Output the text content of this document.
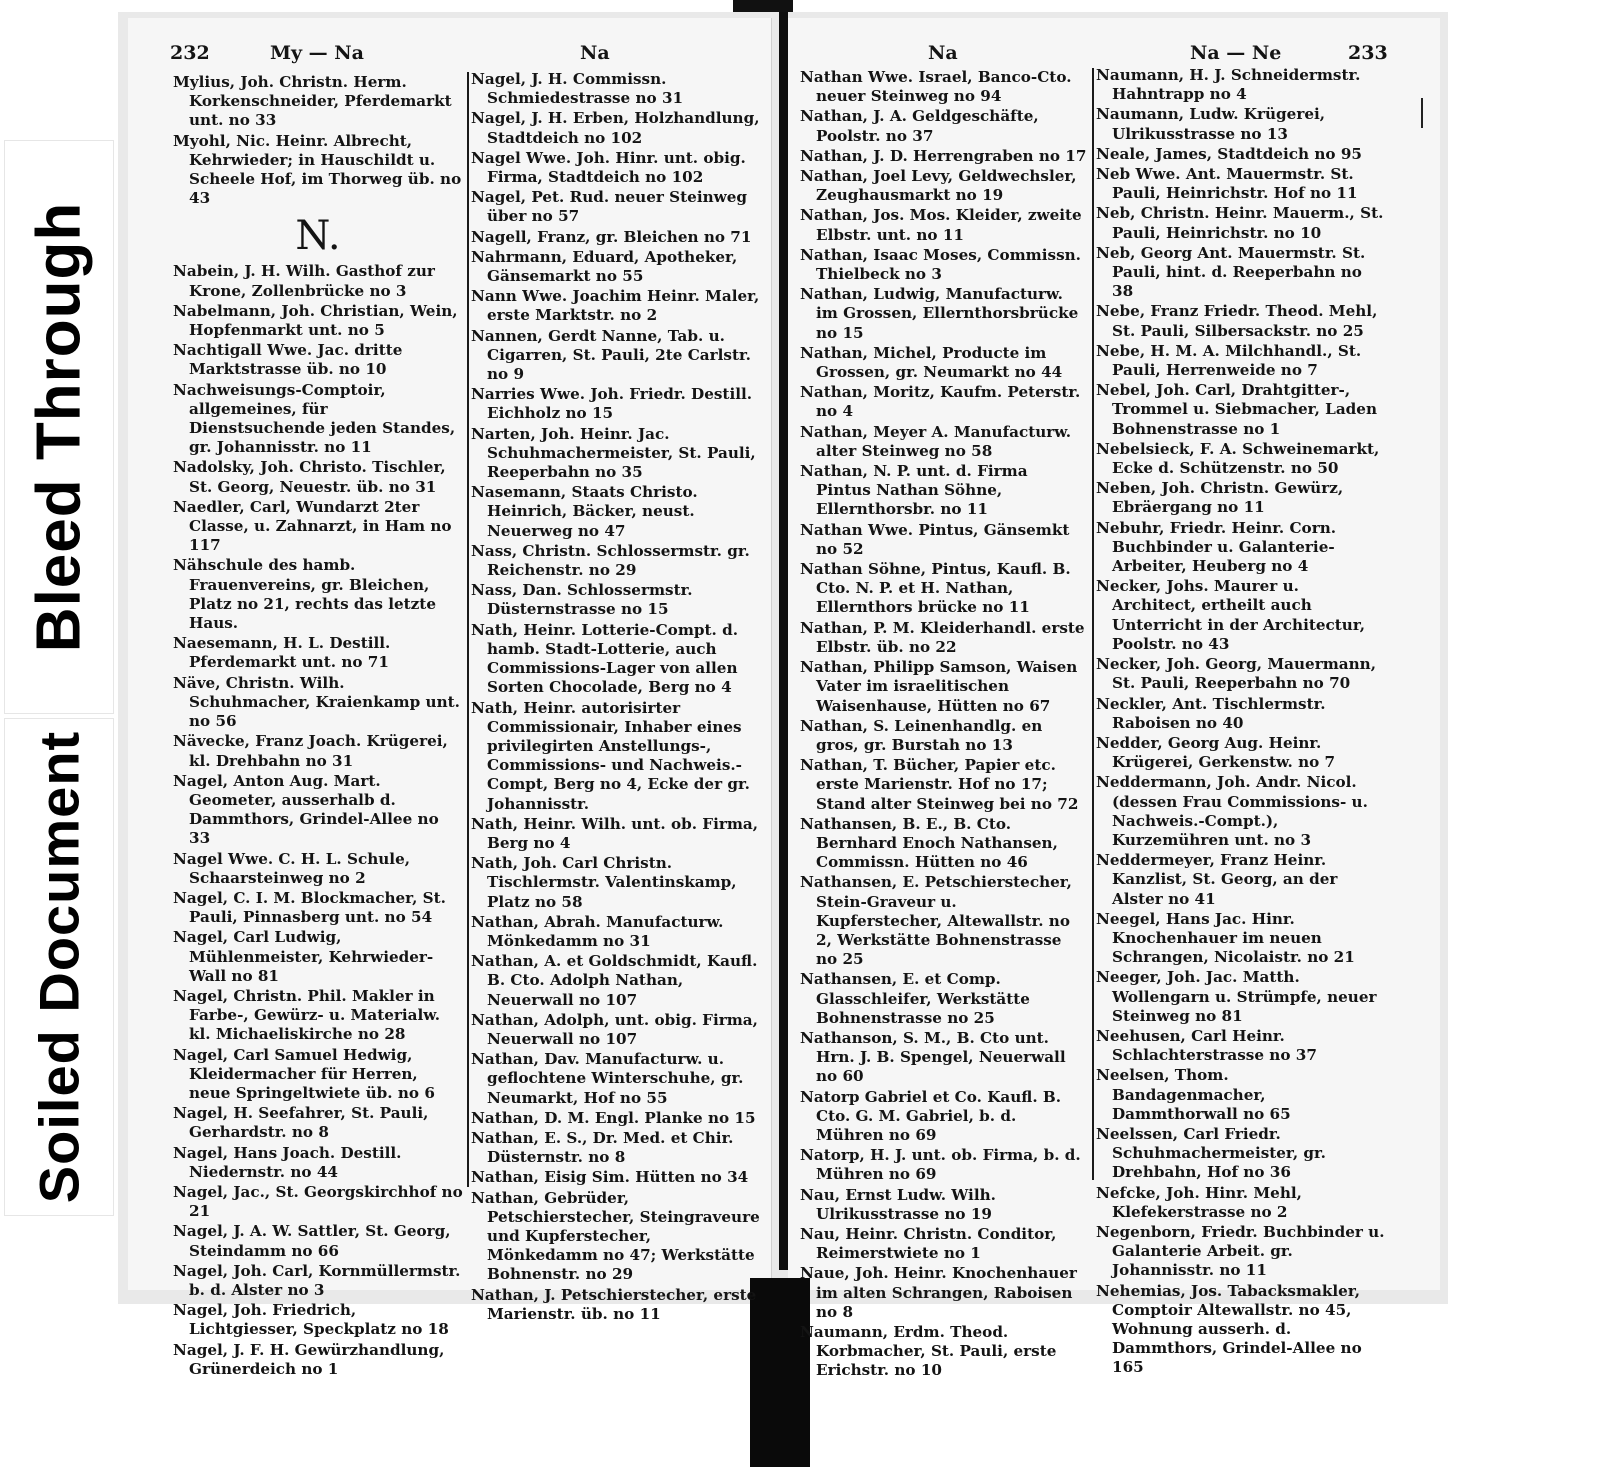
Bleed Through
Soiled Document
232	My — Na	Na	Na	Na — Ne	233
Mylius, Joh. Christn. Herm. Korkenschneider, Pferdemarkt unt. no 33
Myohl, Nic. Heinr. Albrecht, Kehrwieder; in Hauschildt u. Scheele Hof, im Thorweg üb. no 43
N.
Nabein, J. H. Wilh. Gasthof zur Krone, Zollenbrücke no 3
Nabelmann, Joh. Christian, Wein, Hopfenmarkt unt. no 5
Nachtigall Wwe. Jac. dritte Marktstrasse üb. no 10
Nachweisungs-Comptoir, allgemeines, für Dienstsuchende jeden Standes, gr. Johannisstr. no 11
Nadolsky, Joh. Christo. Tischler, St. Georg, Neuestr. üb. no 31
Naedler, Carl, Wundarzt 2ter Classe, u. Zahnarzt, in Ham no 117
Nähschule des hamb. Frauenvereins, gr. Bleichen, Platz no 21, rechts das letzte Haus.
Naesemann, H. L. Destill. Pferdemarkt unt. no 71
Näve, Christn. Wilh. Schuhmacher, Kraienkamp unt. no 56
Nävecke, Franz Joach. Krügerei, kl. Drehbahn no 31
Nagel, Anton Aug. Mart. Geometer, ausserhalb d. Dammthors, Grindel-Allee no 33
Nagel Wwe. C. H. L. Schule, Schaarsteinweg no 2
Nagel, C. I. M. Blockmacher, St. Pauli, Pinnasberg unt. no 54
Nagel, Carl Ludwig, Mühlenmeister, Kehrwieder-Wall no 81
Nagel, Christn. Phil. Makler in Farbe-, Gewürz- u. Materialw. kl. Michaeliskirche no 28
Nagel, Carl Samuel Hedwig, Kleidermacher für Herren, neue Springeltwiete üb. no 6
Nagel, H. Seefahrer, St. Pauli, Gerhardstr. no 8
Nagel, Hans Joach. Destill. Niedernstr. no 44
Nagel, Jac., St. Georgskirchhof no 21
Nagel, J. A. W. Sattler, St. Georg, Steindamm no 66
Nagel, Joh. Carl, Kornmüllermstr. b. d. Alster no 3
Nagel, Joh. Friedrich, Lichtgiesser, Speckplatz no 18
Nagel, J. F. H. Gewürzhandlung, Grünerdeich no 1
Nagel, J. H. Commissn. Schmiedestrasse no 31
Nagel, J. H. Erben, Holzhandlung, Stadtdeich no 102
Nagel Wwe. Joh. Hinr. unt. obig. Firma, Stadtdeich no 102
Nagel, Pet. Rud. neuer Steinweg über no 57
Nagell, Franz, gr. Bleichen no 71
Nahrmann, Eduard, Apotheker, Gänsemarkt no 55
Nann Wwe. Joachim Heinr. Maler, erste Marktstr. no 2
Nannen, Gerdt Nanne, Tab. u. Cigarren, St. Pauli, 2te Carlstr. no 9
Narries Wwe. Joh. Friedr. Destill. Eichholz no 15
Narten, Joh. Heinr. Jac. Schuhmachermeister, St. Pauli, Reeperbahn no 35
Nasemann, Staats Christo. Heinrich, Bäcker, neust. Neuerweg no 47
Nass, Christn. Schlossermstr. gr. Reichenstr. no 29
Nass, Dan. Schlossermstr. Düsternstrasse no 15
Nath, Heinr. Lotterie-Compt. d. hamb. Stadt-Lotterie, auch Commissions-Lager von allen Sorten Chocolade, Berg no 4
Nath, Heinr. autorisirter Commissionair, Inhaber eines privilegirten Anstellungs-, Commissions- und Nachweis.-Compt, Berg no 4, Ecke der gr. Johannisstr.
Nath, Heinr. Wilh. unt. ob. Firma, Berg no 4
Nath, Joh. Carl Christn. Tischlermstr. Valentinskamp, Platz no 58
Nathan, Abrah. Manufacturw. Mönkedamm no 31
Nathan, A. et Goldschmidt, Kaufl. B. Cto. Adolph Nathan, Neuerwall no 107
Nathan, Adolph, unt. obig. Firma, Neuerwall no 107
Nathan, Dav. Manufacturw. u. geflochtene Winterschuhe, gr. Neumarkt, Hof no 55
Nathan, D. M. Engl. Planke no 15
Nathan, E. S., Dr. Med. et Chir. Düsternstr. no 8
Nathan, Eisig Sim. Hütten no 34
Nathan, Gebrüder, Petschierstecher, Steingraveure und Kupferstecher, Mönkedamm no 47; Werkstätte Bohnenstr. no 29
Nathan, J. Petschierstecher, erste Marienstr. üb. no 11
Nathan Wwe. Israel, Banco-Cto. neuer Steinweg no 94
Nathan, J. A. Geldgeschäfte, Poolstr. no 37
Nathan, J. D. Herrengraben no 17
Nathan, Joel Levy, Geldwechsler, Zeughausmarkt no 19
Nathan, Jos. Mos. Kleider, zweite Elbstr. unt. no 11
Nathan, Isaac Moses, Commissn. Thielbeck no 3
Nathan, Ludwig, Manufacturw. im Grossen, Ellernthorsbrücke no 15
Nathan, Michel, Producte im Grossen, gr. Neumarkt no 44
Nathan, Moritz, Kaufm. Peterstr. no 4
Nathan, Meyer A. Manufacturw. alter Steinweg no 58
Nathan, N. P. unt. d. Firma Pintus Nathan Söhne, Ellernthorsbr. no 11
Nathan Wwe. Pintus, Gänsemkt no 52
Nathan Söhne, Pintus, Kaufl. B. Cto. N. P. et H. Nathan, Ellernthors brücke no 11
Nathan, P. M. Kleiderhandl. erste Elbstr. üb. no 22
Nathan, Philipp Samson, Waisen Vater im israelitischen Waisenhause, Hütten no 67
Nathan, S. Leinenhandlg. en gros, gr. Burstah no 13
Nathan, T. Bücher, Papier etc. erste Marienstr. Hof no 17; Stand alter Steinweg bei no 72
Nathansen, B. E., B. Cto. Bernhard Enoch Nathansen, Commissn. Hütten no 46
Nathansen, E. Petschierstecher, Stein-Graveur u. Kupferstecher, Altewallstr. no 2, Werkstätte Bohnenstrasse no 25
Nathansen, E. et Comp. Glasschleifer, Werkstätte Bohnenstrasse no 25
Nathanson, S. M., B. Cto unt. Hrn. J. B. Spengel, Neuerwall no 60
Natorp Gabriel et Co. Kaufl. B. Cto. G. M. Gabriel, b. d. Mühren no 69
Natorp, H. J. unt. ob. Firma, b. d. Mühren no 69
Nau, Ernst Ludw. Wilh. Ulrikusstrasse no 19
Nau, Heinr. Christn. Conditor, Reimerstwiete no 1
Naue, Joh. Heinr. Knochenhauer im alten Schrangen, Raboisen no 8
Naumann, Erdm. Theod. Korbmacher, St. Pauli, erste Erichstr. no 10
Naumann, H. J. Schneidermstr. Hahntrapp no 4
Naumann, Ludw. Krügerei, Ulrikusstrasse no 13
Neale, James, Stadtdeich no 95
Neb Wwe. Ant. Mauermstr. St. Pauli, Heinrichstr. Hof no 11
Neb, Christn. Heinr. Mauerm., St. Pauli, Heinrichstr. no 10
Neb, Georg Ant. Mauermstr. St. Pauli, hint. d. Reeperbahn no 38
Nebe, Franz Friedr. Theod. Mehl, St. Pauli, Silbersackstr. no 25
Nebe, H. M. A. Milchhandl., St. Pauli, Herrenweide no 7
Nebel, Joh. Carl, Drahtgitter-, Trommel u. Siebmacher, Laden Bohnenstrasse no 1
Nebelsieck, F. A. Schweinemarkt, Ecke d. Schützenstr. no 50
Neben, Joh. Christn. Gewürz, Ebräergang no 11
Nebuhr, Friedr. Heinr. Corn. Buchbinder u. Galanterie-Arbeiter, Heuberg no 4
Necker, Johs. Maurer u. Architect, ertheilt auch Unterricht in der Architectur, Poolstr. no 43
Necker, Joh. Georg, Mauermann, St. Pauli, Reeperbahn no 70
Neckler, Ant. Tischlermstr. Raboisen no 40
Nedder, Georg Aug. Heinr. Krügerei, Gerkenstw. no 7
Neddermann, Joh. Andr. Nicol. (dessen Frau Commissions- u. Nachweis.-Compt.), Kurzemühren unt. no 3
Neddermeyer, Franz Heinr. Kanzlist, St. Georg, an der Alster no 41
Neegel, Hans Jac. Hinr. Knochenhauer im neuen Schrangen, Nicolaistr. no 21
Neeger, Joh. Jac. Matth. Wollengarn u. Strümpfe, neuer Steinweg no 81
Neehusen, Carl Heinr. Schlachterstrasse no 37
Neelsen, Thom. Bandagenmacher, Dammthorwall no 65
Neelssen, Carl Friedr. Schuhmachermeister, gr. Drehbahn, Hof no 36
Nefcke, Joh. Hinr. Mehl, Klefekerstrasse no 2
Negenborn, Friedr. Buchbinder u. Galanterie Arbeit. gr. Johannisstr. no 11
Nehemias, Jos. Tabacksmakler, Comptoir Altewallstr. no 45, Wohnung ausserh. d. Dammthors, Grindel-Allee no 165
